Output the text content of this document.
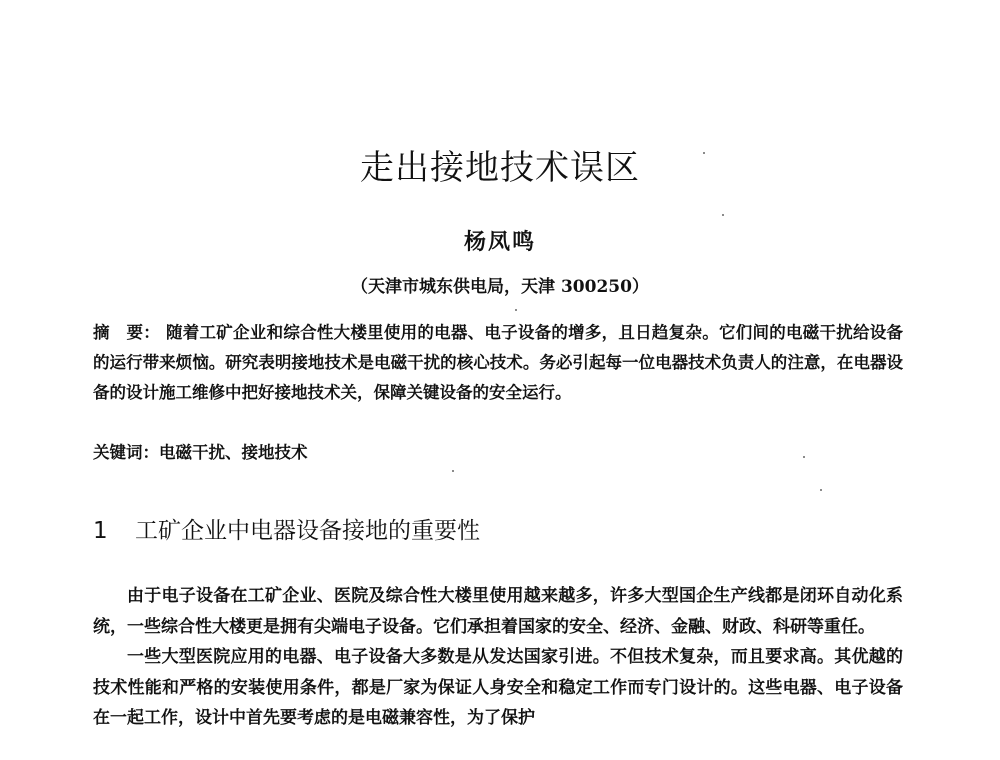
走出接地技术误区
杨凤鸣
（天津市城东供电局，天津 300250）
摘　要： 随着工矿企业和综合性大楼里使用的电器、电子设备的增多，且日趋复杂。它们间的电磁干扰给设备的运行带来烦恼。研究表明接地技术是电磁干扰的核心技术。务必引起每一位电器技术负责人的注意，在电器设备的设计施工维修中把好接地技术关，保障关键设备的安全运行。
关键词：电磁干扰、接地技术
1 工矿企业中电器设备接地的重要性

由于电子设备在工矿企业、医院及综合性大楼里使用越来越多，许多大型国企生产线都是闭环自动化系统，一些综合性大楼更是拥有尖端电子设备。它们承担着国家的安全、经济、金融、财政、科研等重任。

一些大型医院应用的电器、电子设备大多数是从发达国家引进。不但技术复杂，而且要求高。其优越的技术性能和严格的安装使用条件，都是厂家为保证人身安全和稳定工作而专门设计的。这些电器、电子设备在一起工作，设计中首先要考虑的是电磁兼容性，为了保护
